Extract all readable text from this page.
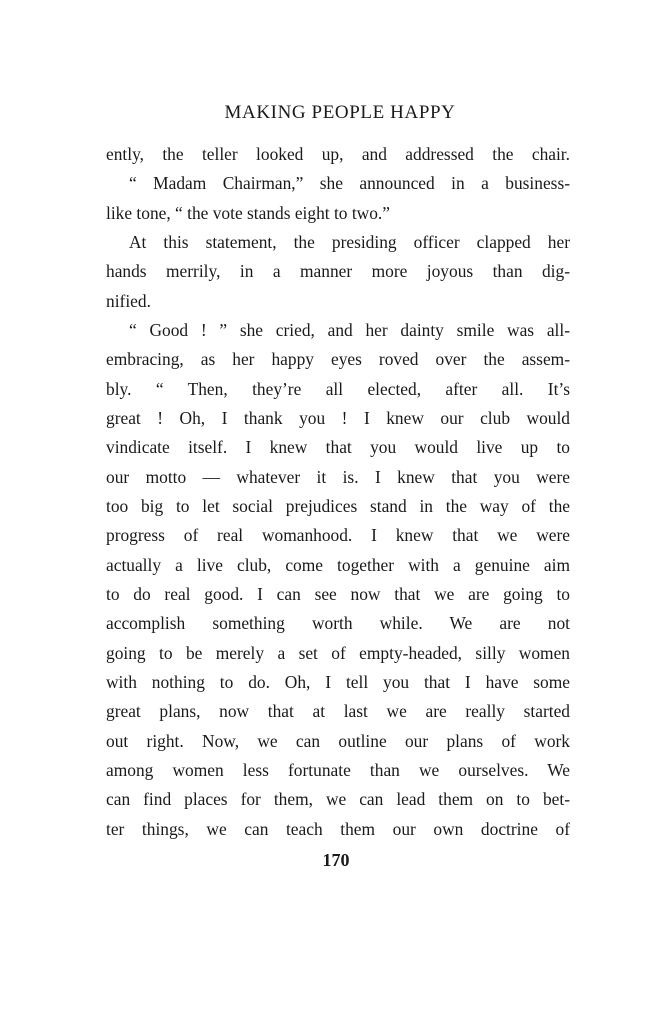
MAKING PEOPLE HAPPY
ently, the teller looked up, and addressed the chair.
“ Madam Chairman,” she announced in a business-
like tone, “ the vote stands eight to two.”
At this statement, the presiding officer clapped her
hands merrily, in a manner more joyous than dig-
nified.
“ Good ! ” she cried, and her dainty smile was all-
embracing, as her happy eyes roved over the assem-
bly. “ Then, they’re all elected, after all. It’s
great ! Oh, I thank you ! I knew our club would
vindicate itself. I knew that you would live up to
our motto — whatever it is. I knew that you were
too big to let social prejudices stand in the way of the
progress of real womanhood. I knew that we were
actually a live club, come together with a genuine aim
to do real good. I can see now that we are going to
accomplish something worth while. We are not
going to be merely a set of empty-headed, silly women
with nothing to do. Oh, I tell you that I have some
great plans, now that at last we are really started
out right. Now, we can outline our plans of work
among women less fortunate than we ourselves. We
can find places for them, we can lead them on to bet-
ter things, we can teach them our own doctrine of
170
